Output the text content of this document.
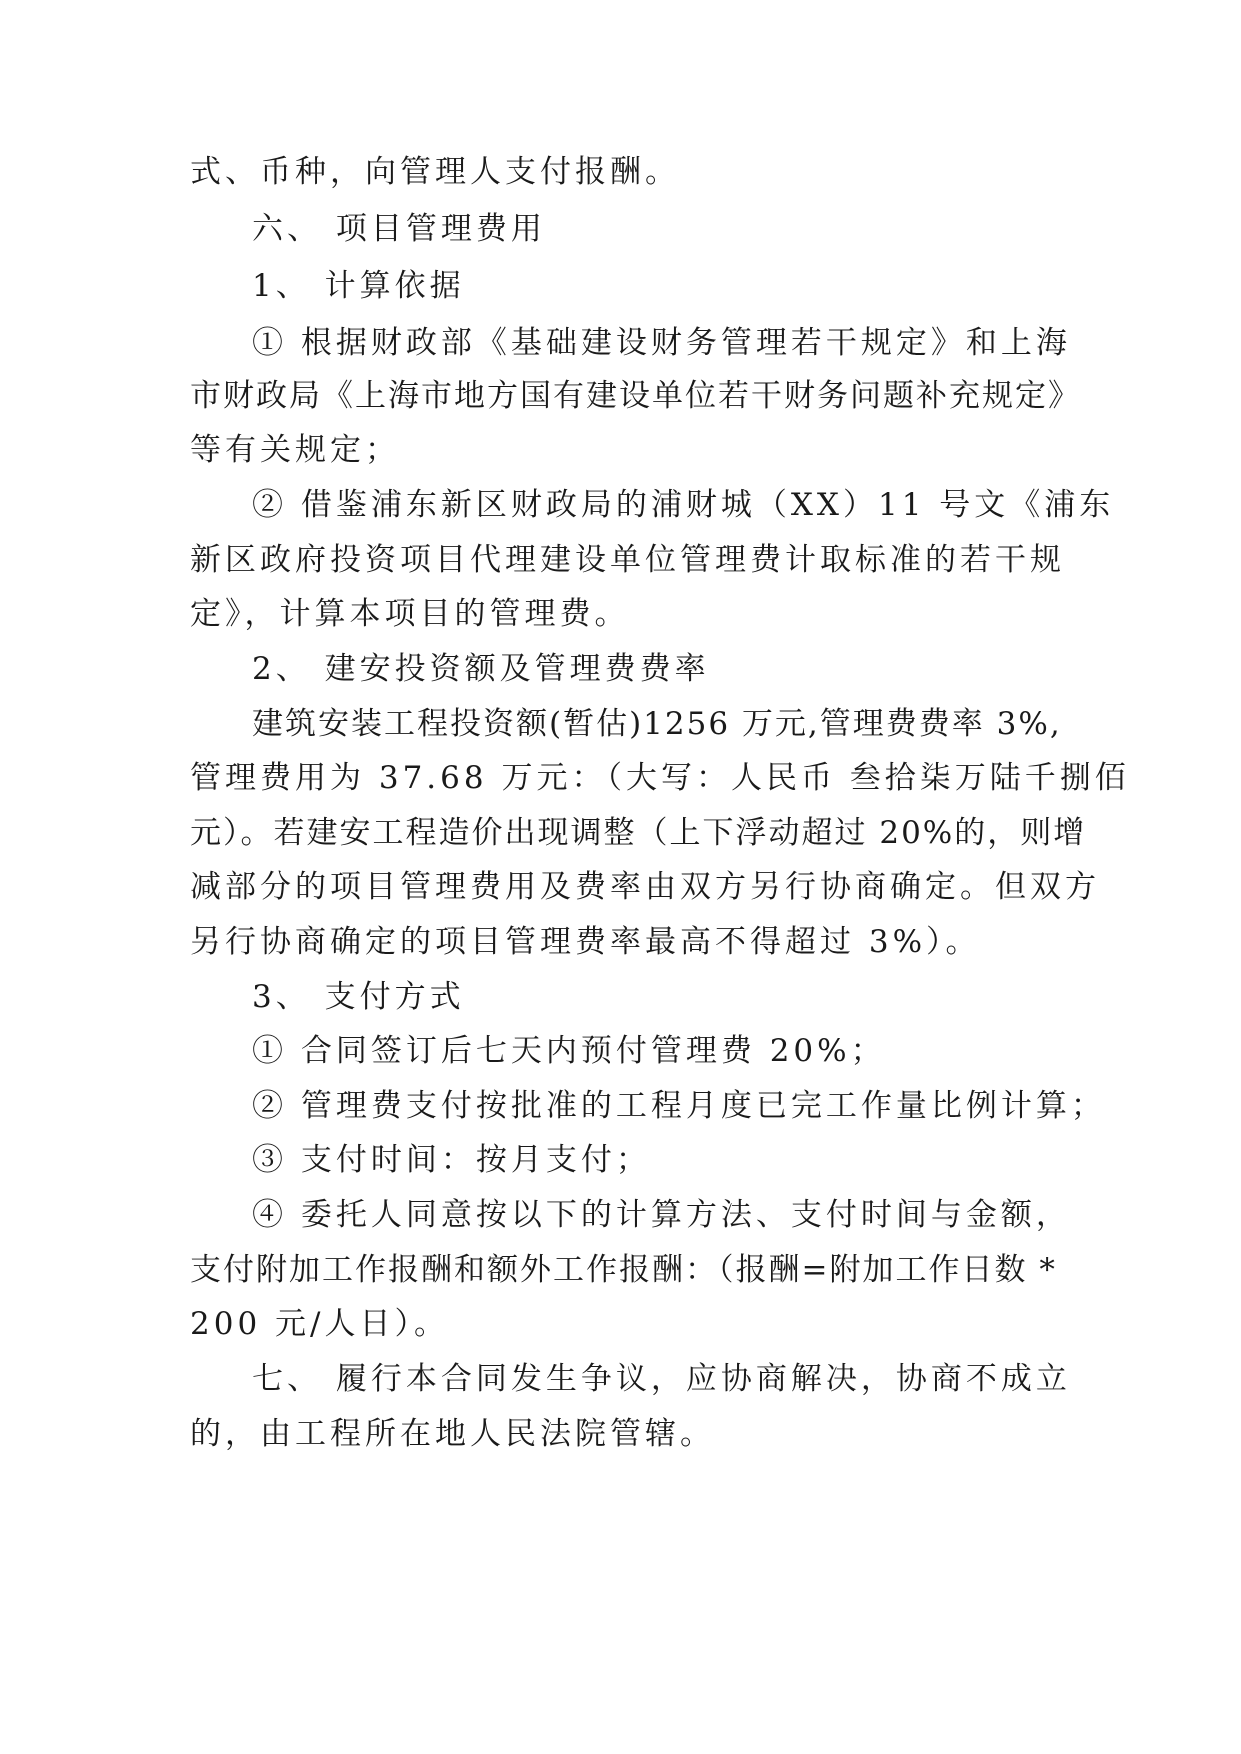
式、币种，向管理人支付报酬。
六、 项目管理费用
1、 计算依据
① 根据财政部《基础建设财务管理若干规定》和上海
市财政局《上海市地方国有建设单位若干财务问题补充规定》
等有关规定；
② 借鉴浦东新区财政局的浦财城（XX）11 号文《浦东
新区政府投资项目代理建设单位管理费计取标准的若干规
定》，计算本项目的管理费。
2、 建安投资额及管理费费率
建筑安装工程投资额(暂估)1256 万元,管理费费率 3%,
管理费用为 37.68 万元：（大写：人民币 叁拾柒万陆千捌佰
元）。若建安工程造价出现调整（上下浮动超过 20%的，则增
减部分的项目管理费用及费率由双方另行协商确定。但双方
另行协商确定的项目管理费率最高不得超过 3%）。
3、 支付方式
① 合同签订后七天内预付管理费 20%；
② 管理费支付按批准的工程月度已完工作量比例计算；
③ 支付时间：按月支付；
④ 委托人同意按以下的计算方法、支付时间与金额，
支付附加工作报酬和额外工作报酬：（报酬=附加工作日数 *
200 元/人日）。
七、 履行本合同发生争议，应协商解决，协商不成立
的，由工程所在地人民法院管辖。
